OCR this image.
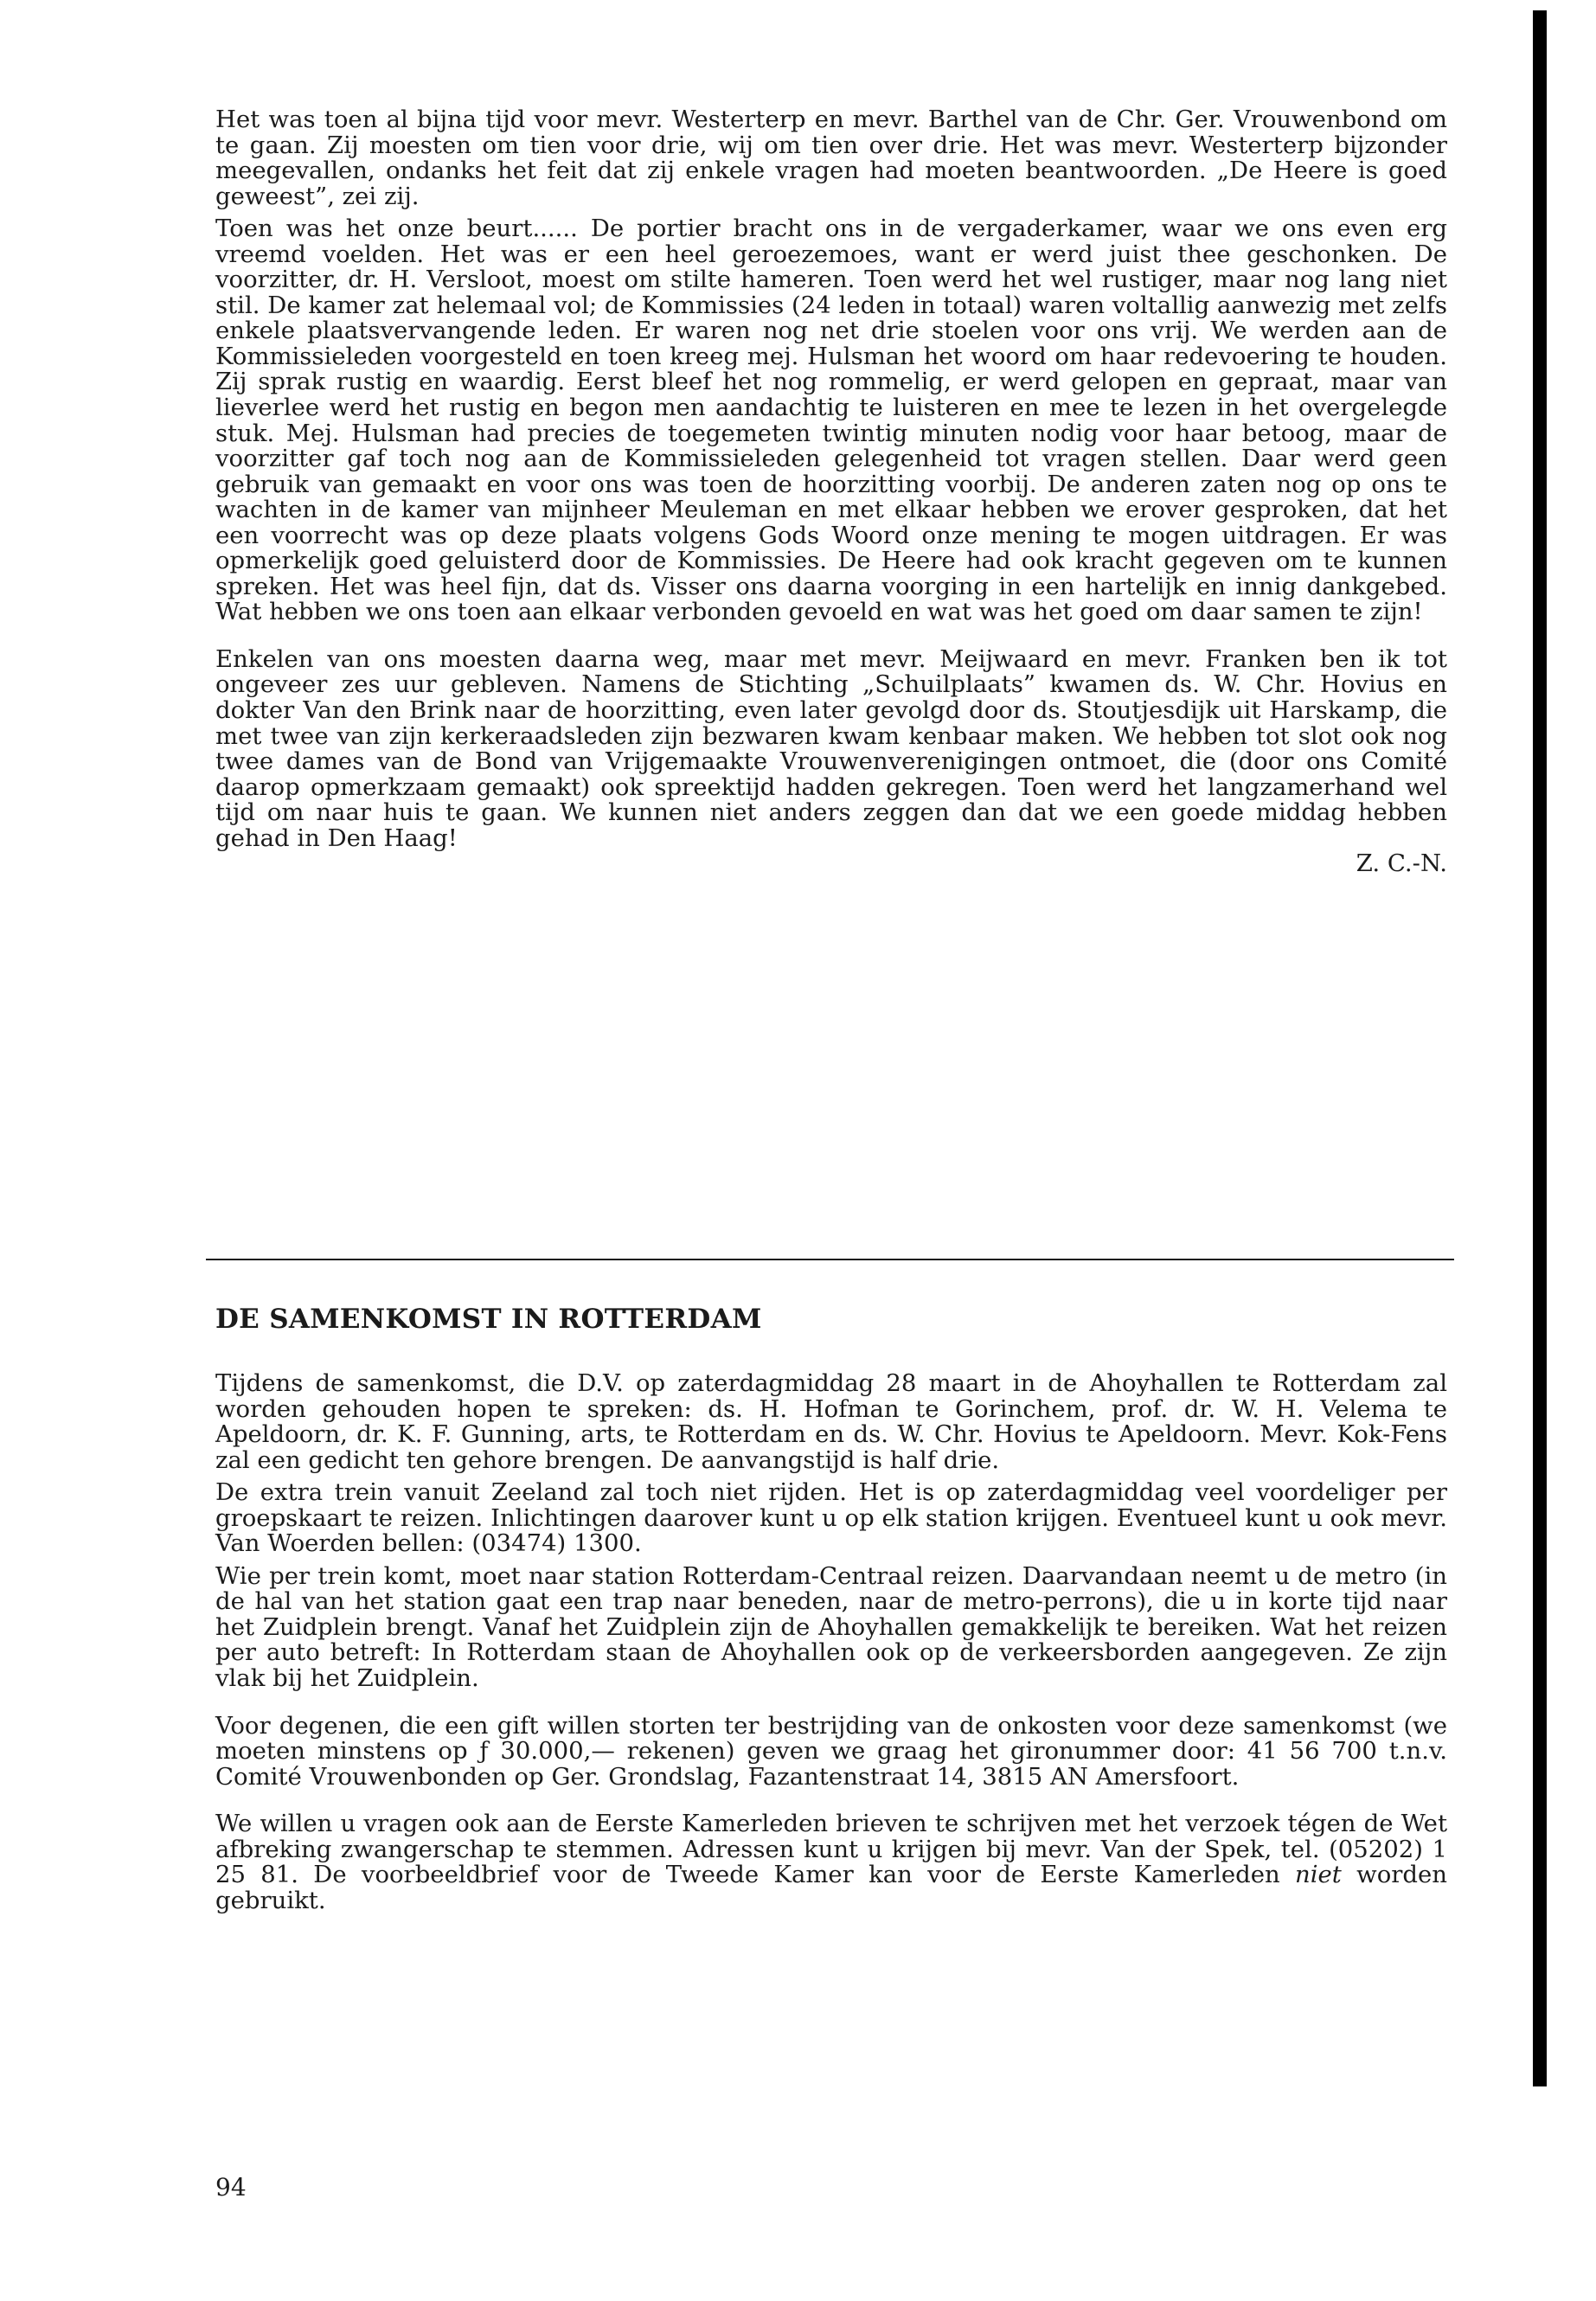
Het was toen al bijna tijd voor mevr. Westerterp en mevr. Barthel van de Chr. Ger. Vrouwenbond om te gaan. Zij moesten om tien voor drie, wij om tien over drie. Het was mevr. Westerterp bijzonder meegevallen, ondanks het feit dat zij enkele vragen had moeten beantwoorden. „De Heere is goed geweest”, zei zij.

Toen was het onze beurt...... De portier bracht ons in de vergaderkamer, waar we ons even erg vreemd voelden. Het was er een heel geroezemoes, want er werd juist thee geschonken. De voorzitter, dr. H. Versloot, moest om stilte hameren. Toen werd het wel rustiger, maar nog lang niet stil. De kamer zat helemaal vol; de Kommissies (24 leden in totaal) waren voltallig aanwezig met zelfs enkele plaatsvervangende leden. Er waren nog net drie stoelen voor ons vrij. We werden aan de Kommissieleden voorgesteld en toen kreeg mej. Hulsman het woord om haar redevoering te houden. Zij sprak rustig en waardig. Eerst bleef het nog rommelig, er werd gelopen en gepraat, maar van lieverlee werd het rustig en begon men aandachtig te luisteren en mee te lezen in het overgelegde stuk. Mej. Hulsman had precies de toegemeten twintig minuten nodig voor haar betoog, maar de voorzitter gaf toch nog aan de Kommissieleden gelegenheid tot vragen stellen. Daar werd geen gebruik van gemaakt en voor ons was toen de hoorzitting voorbij. De anderen zaten nog op ons te wachten in de kamer van mijnheer Meuleman en met elkaar hebben we erover gesproken, dat het een voorrecht was op deze plaats volgens Gods Woord onze mening te mogen uitdragen. Er was opmerkelijk goed geluisterd door de Kommissies. De Heere had ook kracht gegeven om te kunnen spreken. Het was heel fijn, dat ds. Visser ons daarna voorging in een hartelijk en innig dankgebed. Wat hebben we ons toen aan elkaar verbonden gevoeld en wat was het goed om daar samen te zijn!

Enkelen van ons moesten daarna weg, maar met mevr. Meijwaard en mevr. Franken ben ik tot ongeveer zes uur gebleven. Namens de Stichting „Schuilplaats” kwamen ds. W. Chr. Hovius en dokter Van den Brink naar de hoorzitting, even later gevolgd door ds. Stoutjesdijk uit Harskamp, die met twee van zijn kerkeraadsleden zijn bezwaren kwam kenbaar maken. We hebben tot slot ook nog twee dames van de Bond van Vrijgemaakte Vrouwenverenigingen ontmoet, die (door ons Comité daarop opmerkzaam gemaakt) ook spreektijd hadden gekregen. Toen werd het langzamerhand wel tijd om naar huis te gaan. We kunnen niet anders zeggen dan dat we een goede middag hebben gehad in Den Haag!

Z. C.-N.

DE SAMENKOMST IN ROTTERDAM

Tijdens de samenkomst, die D.V. op zaterdagmiddag 28 maart in de Ahoyhallen te Rotterdam zal worden gehouden hopen te spreken: ds. H. Hofman te Gorinchem, prof. dr. W. H. Velema te Apeldoorn, dr. K. F. Gunning, arts, te Rotterdam en ds. W. Chr. Hovius te Apeldoorn. Mevr. Kok-Fens zal een gedicht ten gehore brengen. De aanvangstijd is half drie.

De extra trein vanuit Zeeland zal toch niet rijden. Het is op zaterdagmiddag veel voordeliger per groepskaart te reizen. Inlichtingen daarover kunt u op elk station krijgen. Eventueel kunt u ook mevr. Van Woerden bellen: (03474) 1300.

Wie per trein komt, moet naar station Rotterdam-Centraal reizen. Daarvandaan neemt u de metro (in de hal van het station gaat een trap naar beneden, naar de metro-perrons), die u in korte tijd naar het Zuidplein brengt. Vanaf het Zuidplein zijn de Ahoyhallen gemakkelijk te bereiken. Wat het reizen per auto betreft: In Rotterdam staan de Ahoyhallen ook op de verkeersborden aangegeven. Ze zijn vlak bij het Zuidplein.

Voor degenen, die een gift willen storten ter bestrijding van de onkosten voor deze samenkomst (we moeten minstens op ƒ 30.000,— rekenen) geven we graag het gironummer door: 41 56 700 t.n.v. Comité Vrouwenbonden op Ger. Grondslag, Fazantenstraat 14, 3815 AN Amersfoort.

We willen u vragen ook aan de Eerste Kamerleden brieven te schrijven met het verzoek tégen de Wet afbreking zwangerschap te stemmen. Adressen kunt u krijgen bij mevr. Van der Spek, tel. (05202) 1 25 81. De voorbeeldbrief voor de Tweede Kamer kan voor de Eerste Kamerleden niet worden gebruikt.

94
